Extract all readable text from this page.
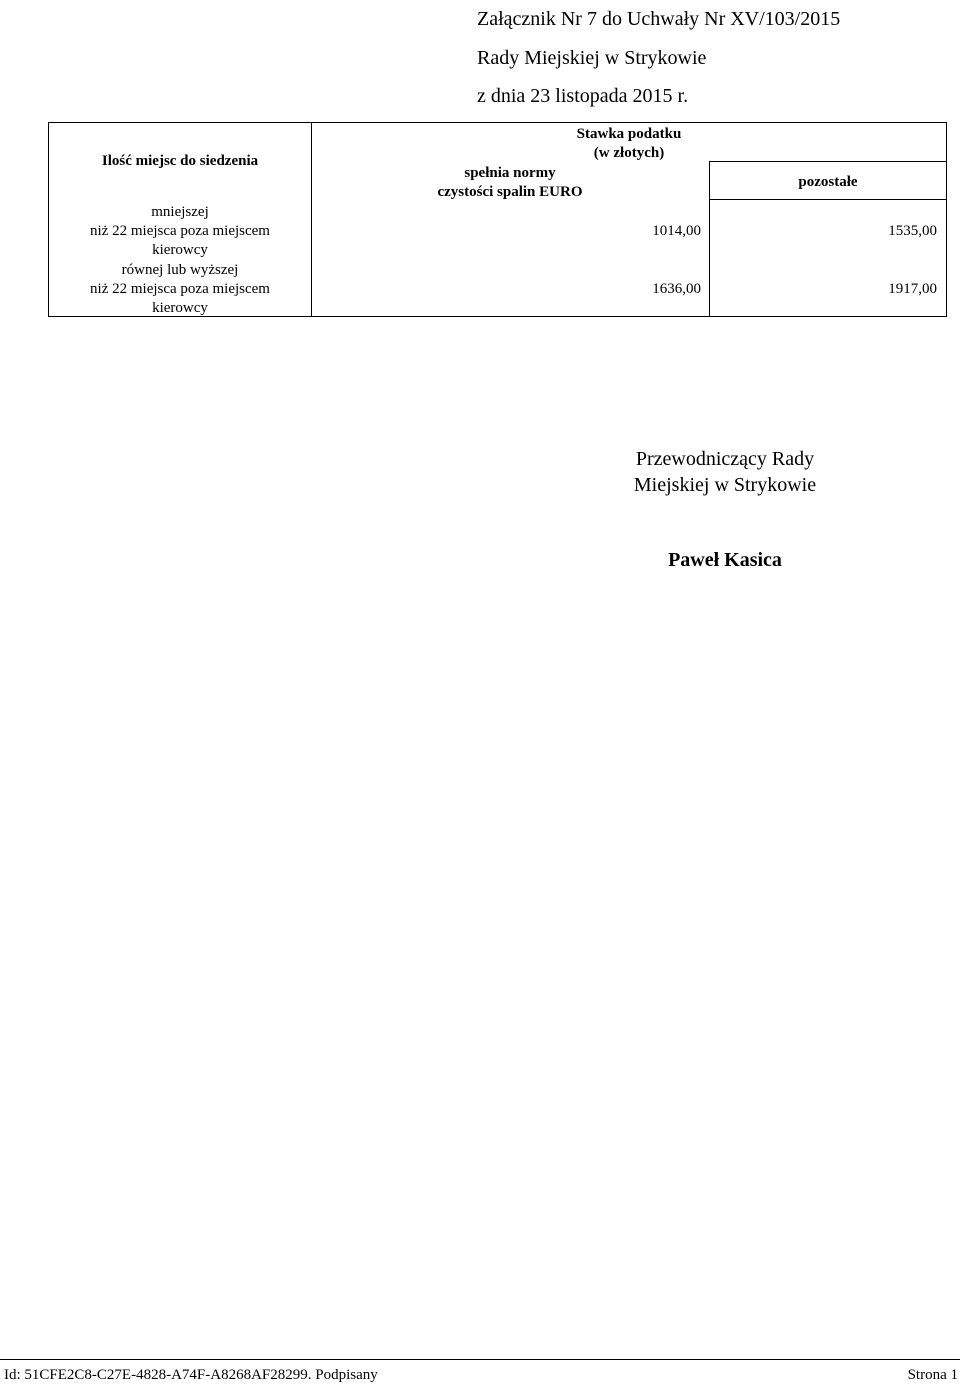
Załącznik Nr 7 do Uchwały Nr XV/103/2015
Rady Miejskiej w Strykowie
z dnia 23 listopada 2015 r.
Ilość miejsc do siedzenia
Stawka podatku
(w złotych)
spełnia normy
czystości spalin EURO
pozostałe
mniejszej
niż 22 miejsca poza miejscem
kierowcy
1014,00	1535,00
równej lub wyższej
niż 22 miejsca poza miejscem
kierowcy
1636,00	1917,00
Przewodniczący Rady
Miejskiej w Strykowie
Paweł Kasica
Id: 51CFE2C8-C27E-4828-A74F-A8268AF28299. Podpisany	Strona 1
